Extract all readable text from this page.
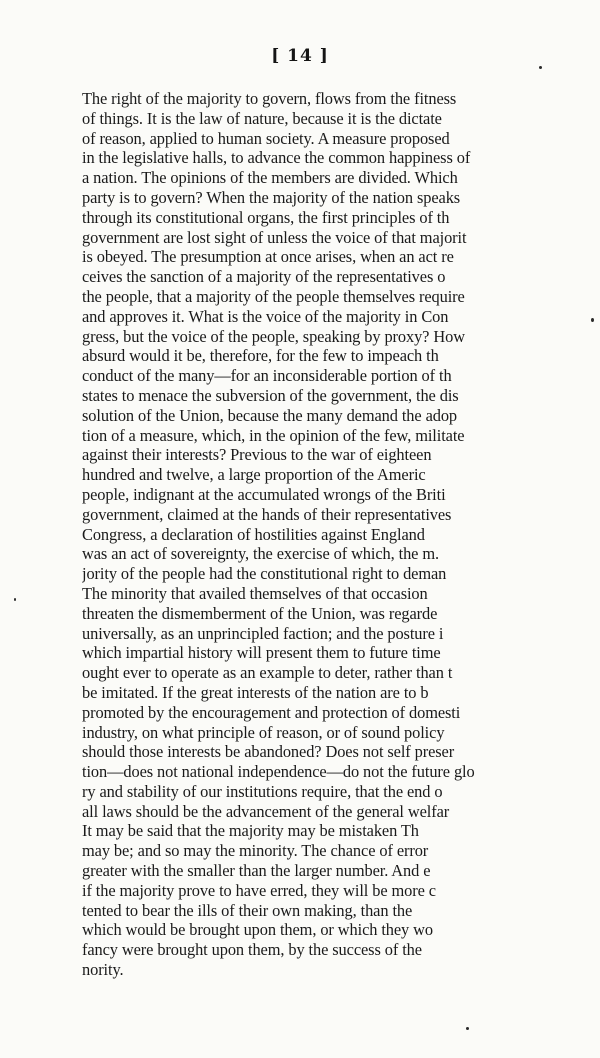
[ 14 ]
The right of the majority to govern, flows from the fitness
of things. It is the law of nature, because it is the dictate
of reason, applied to human society. A measure proposed
in the legislative halls, to advance the common happiness of
a nation. The opinions of the members are divided. Which
party is to govern? When the majority of the nation speaks
through its constitutional organs, the first principles of th
government are lost sight of unless the voice of that majorit
is obeyed. The presumption at once arises, when an act re
ceives the sanction of a majority of the representatives o
the people, that a majority of the people themselves require
and approves it. What is the voice of the majority in Con
gress, but the voice of the people, speaking by proxy? How
absurd would it be, therefore, for the few to impeach th
conduct of the many—for an inconsiderable portion of th
states to menace the subversion of the government, the dis
solution of the Union, because the many demand the adop
tion of a measure, which, in the opinion of the few, militate
against their interests? Previous to the war of eighteen
hundred and twelve, a large proportion of the Americ
people, indignant at the accumulated wrongs of the Briti
government, claimed at the hands of their representatives
Congress, a declaration of hostilities against England
was an act of sovereignty, the exercise of which, the m.
jority of the people had the constitutional right to deman
The minority that availed themselves of that occasion
threaten the dismemberment of the Union, was regarde
universally, as an unprincipled faction; and the posture i
which impartial history will present them to future time
ought ever to operate as an example to deter, rather than t
be imitated. If the great interests of the nation are to b
promoted by the encouragement and protection of domesti
industry, on what principle of reason, or of sound policy
should those interests be abandoned? Does not self preser
tion—does not national independence—do not the future glo
ry and stability of our institutions require, that the end o
all laws should be the advancement of the general welfar
It may be said that the majority may be mistaken Th
may be; and so may the minority. The chance of error
greater with the smaller than the larger number. And e
if the majority prove to have erred, they will be more c
tented to bear the ills of their own making, than the
which would be brought upon them, or which they wo
fancy were brought upon them, by the success of the
nority.
